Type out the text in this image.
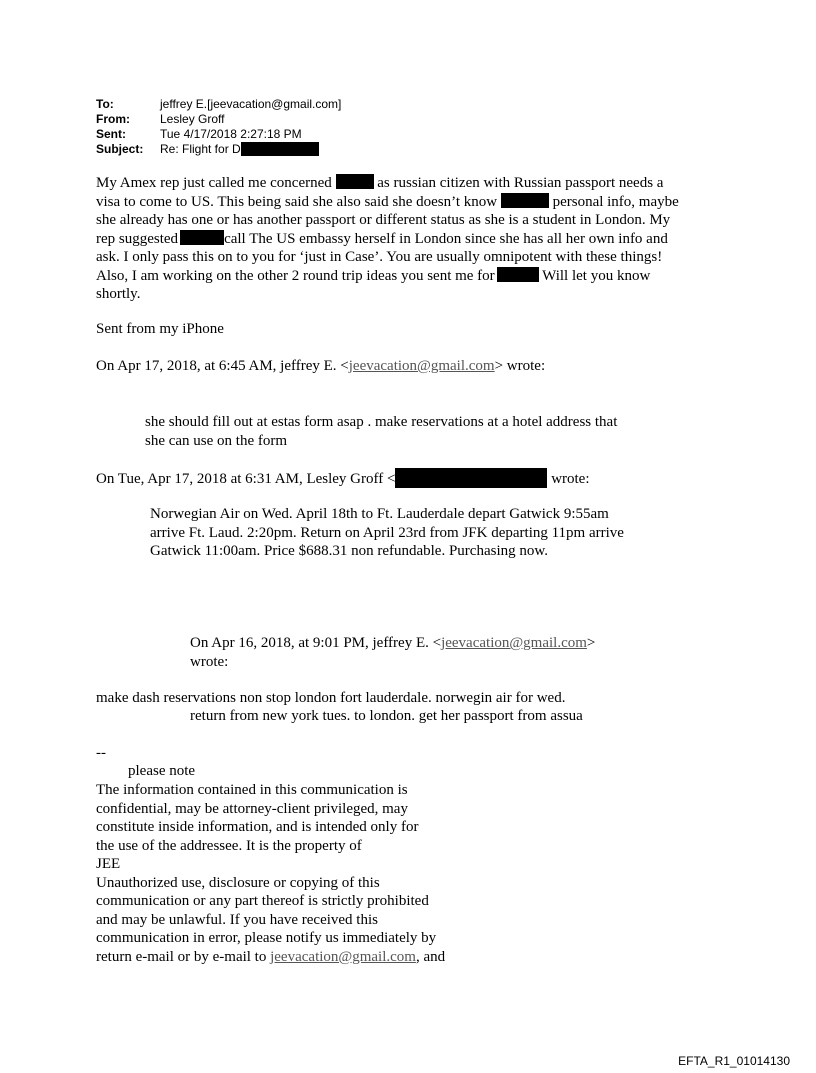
To:	jeffrey E.[jeevacation@gmail.com]
From:	Lesley Groff
Sent:	Tue 4/17/2018 2:27:18 PM
Subject:	Re: Flight for D
My Amex rep just called me concerned	as russian citizen with Russian passport needs a
visa to come to US. This being said she also said she doesn’t know	personal info, maybe
she already has one or has another passport or different status as she is a student in London. My
rep suggested	call The US embassy herself in London since she has all her own info and
ask. I only pass this on to you for ‘just in Case’. You are usually omnipotent with these things!
Also, I am working on the other 2 round trip ideas you sent me for	Will let you know
shortly.
Sent from my iPhone
On Apr 17, 2018, at 6:45 AM, jeffrey E. <jeevacation@gmail.com> wrote:
she should fill out at estas form asap . make reservations at a hotel address that
she can use on the form
On Tue, Apr 17, 2018 at 6:31 AM, Lesley Groff <	wrote:
Norwegian Air on Wed. April 18th to Ft. Lauderdale depart Gatwick 9:55am
arrive Ft. Laud. 2:20pm. Return on April 23rd from JFK departing 11pm arrive
Gatwick 11:00am. Price $688.31 non refundable. Purchasing now.
On Apr 16, 2018, at 9:01 PM, jeffrey E. <jeevacation@gmail.com>
wrote:
make dash reservations non stop london fort lauderdale. norwegin air for wed.
return from new york tues. to london. get her passport from assua
--
please note
The information contained in this communication is
confidential, may be attorney-client privileged, may
constitute inside information, and is intended only for
the use of the addressee. It is the property of
JEE
Unauthorized use, disclosure or copying of this
communication or any part thereof is strictly prohibited
and may be unlawful. If you have received this
communication in error, please notify us immediately by
return e-mail or by e-mail to jeevacation@gmail.com, and
EFTA_R1_01014130
